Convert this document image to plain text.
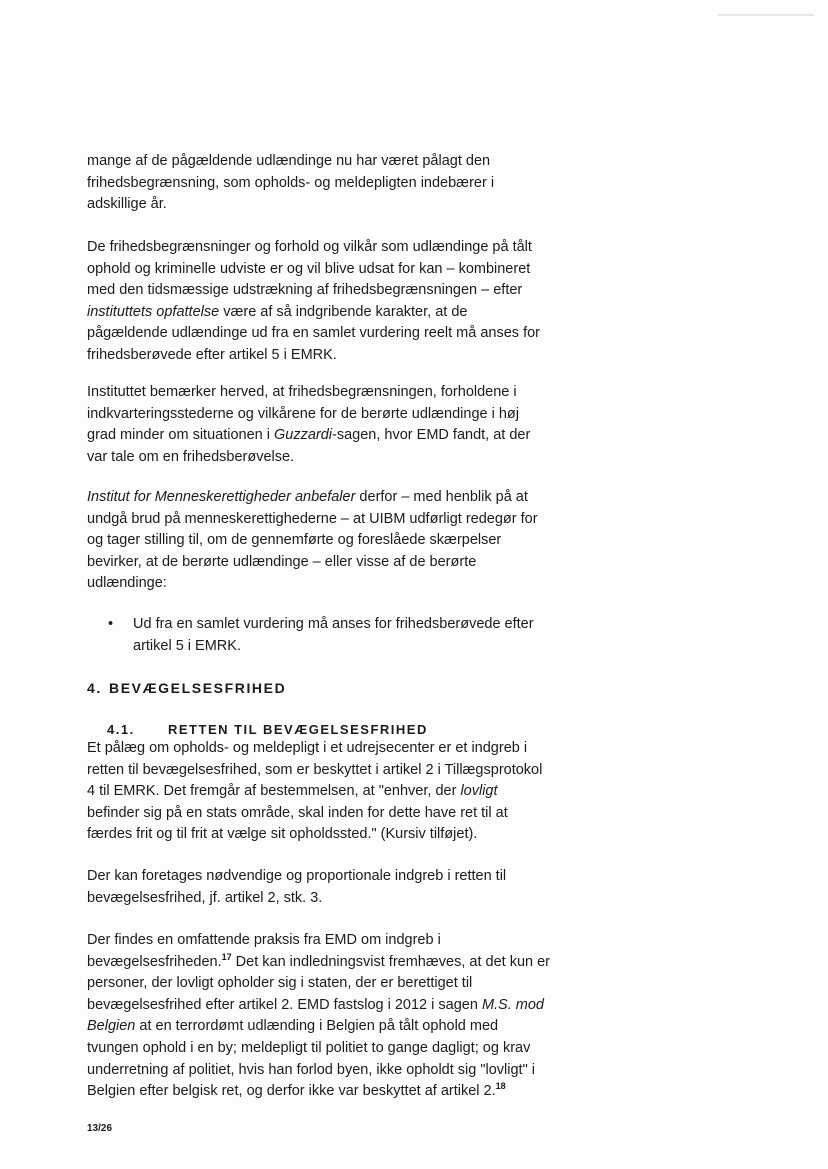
mange af de pågældende udlændinge nu har været pålagt den
frihedsbegrænsning, som opholds- og meldepligten indebærer i
adskillige år.
De frihedsbegrænsninger og forhold og vilkår som udlændinge på tålt
ophold og kriminelle udviste er og vil blive udsat for kan – kombineret
med den tidsmæssige udstrækning af frihedsbegrænsningen – efter
instituttets opfattelse være af så indgribende karakter, at de
pågældende udlændinge ud fra en samlet vurdering reelt må anses for
frihedsberøvede efter artikel 5 i EMRK.
Instituttet bemærker herved, at frihedsbegrænsningen, forholdene i
indkvarteringsstederne og vilkårene for de berørte udlændinge i høj
grad minder om situationen i Guzzardi-sagen, hvor EMD fandt, at der
var tale om en frihedsberøvelse.
Institut for Menneskerettigheder anbefaler derfor – med henblik på at
undgå brud på menneskerettighederne – at UIBM udførligt redegør for
og tager stilling til, om de gennemførte og foreslåede skærpelser
bevirker, at de berørte udlændinge – eller visse af de berørte
udlændinge:
• Ud fra en samlet vurdering må anses for frihedsberøvede efter
artikel 5 i EMRK.
4. BEVÆGELSESFRIHED
4.1.	RETTEN TIL BEVÆGELSESFRIHED
Et pålæg om opholds- og meldepligt i et udrejsecenter er et indgreb i
retten til bevægelsesfrihed, som er beskyttet i artikel 2 i Tillægsprotokol
4 til EMRK. Det fremgår af bestemmelsen, at "enhver, der lovligt
befinder sig på en stats område, skal inden for dette have ret til at
færdes frit og til frit at vælge sit opholdssted." (Kursiv tilføjet).
Der kan foretages nødvendige og proportionale indgreb i retten til
bevægelsesfrihed, jf. artikel 2, stk. 3.
Der findes en omfattende praksis fra EMD om indgreb i
bevægelsesfriheden.$^{17}$ Det kan indledningsvist fremhæves, at det kun er
personer, der lovligt opholder sig i staten, der er berettiget til
bevægelsesfrihed efter artikel 2. EMD fastslog i 2012 i sagen M.S. mod
Belgien at en terrordømt udlænding i Belgien på tålt ophold med
tvungen ophold i en by; meldepligt til politiet to gange dagligt; og krav
underretning af politiet, hvis han forlod byen, ikke opholdt sig "lovligt" i
Belgien efter belgisk ret, og derfor ikke var beskyttet af artikel 2.18
13/26
